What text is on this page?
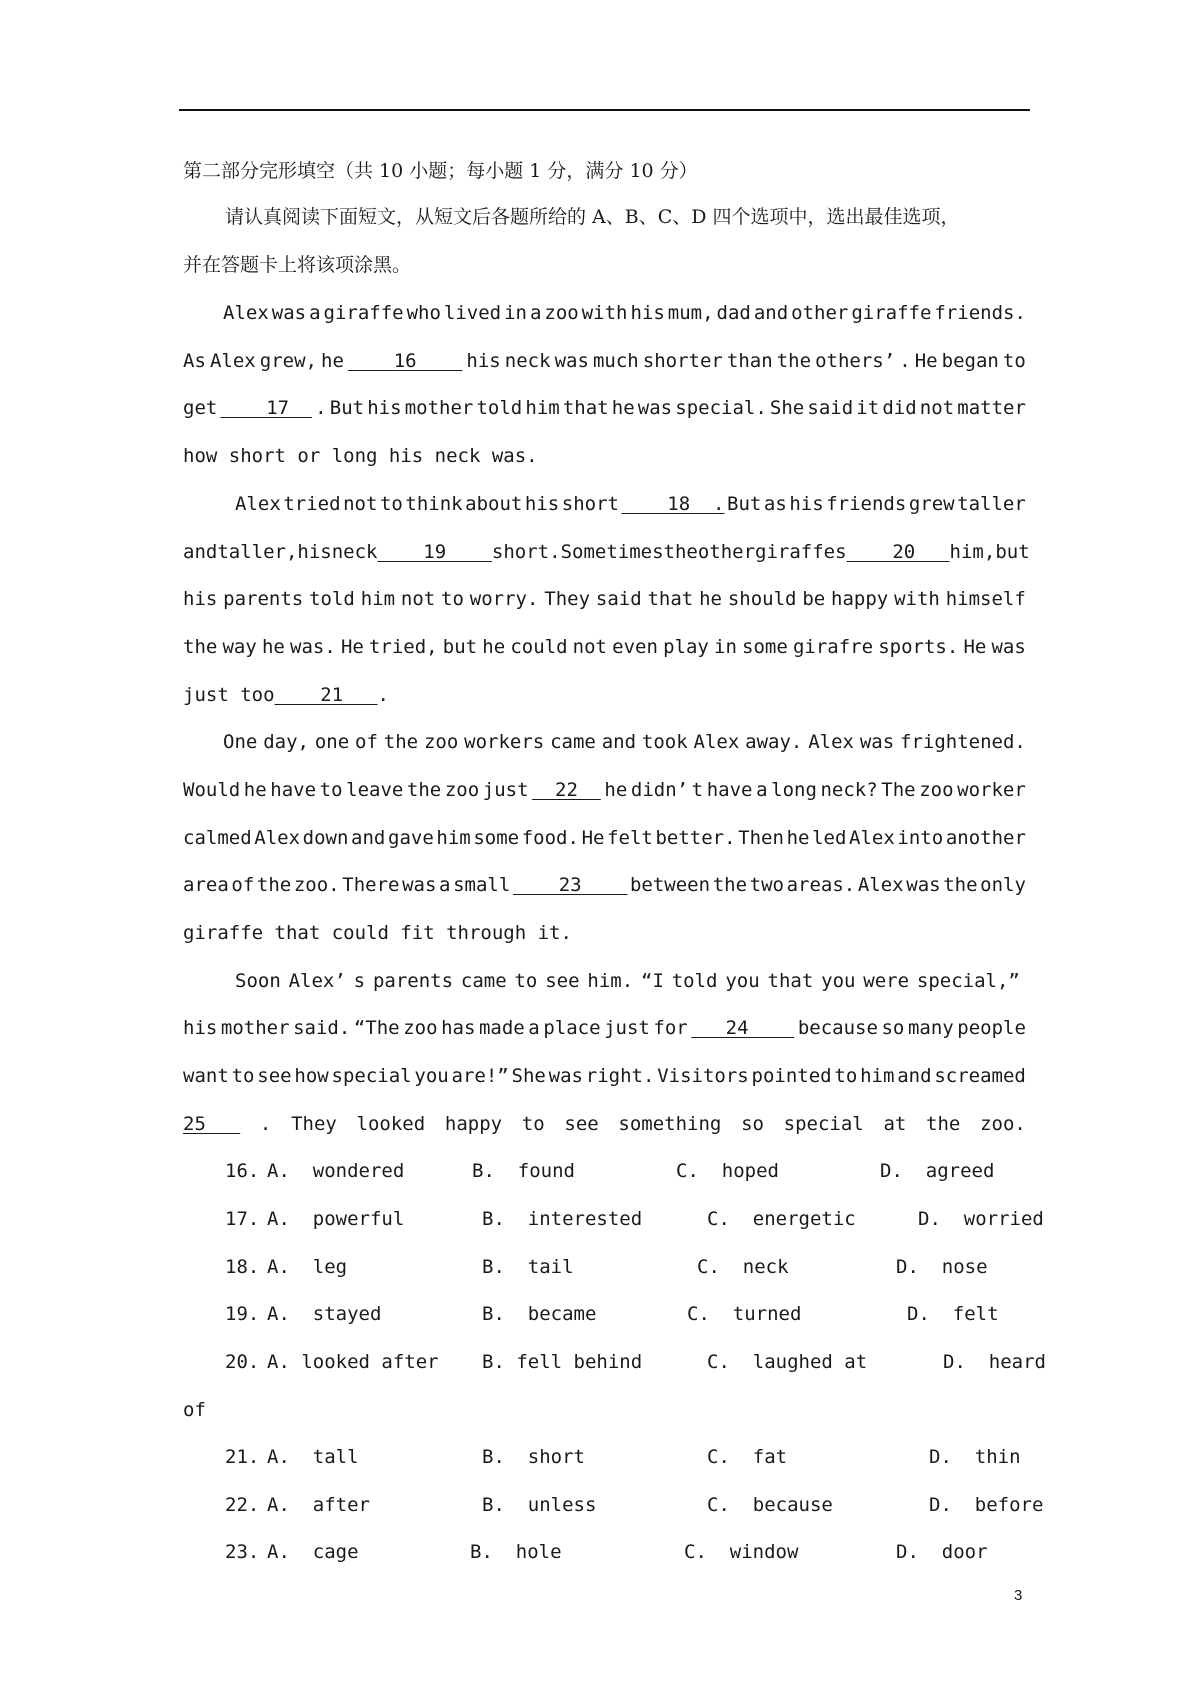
第二部分完形填空（共 10 小题；每小题 1 分，满分 10 分）
请认真阅读下面短文，从短文后各题所给的 A、B、C、D 四个选项中，选出最佳选项，
并在答题卡上将该项涂黑。
Alex was a giraffe who lived in a zoo with his mum, dad and other giraffe friends.
As Alex grew, he	16	his neck was much shorter than the others’ . He began to
get	17	. But his mother told him that he was special. She said it did not matter
how short or long his neck was.
Alex tried not to think about his short	18  . But as his friends grew taller
and taller, his neck	19	short. Sometimes the other giraffes	20	him, but
his parents told him not to worry. They said that he should be happy with himself
the way he was. He tried, but he could not even play in some girafre sports. He was
just too 21 .
One day, one of the zoo workers came and took Alex away. Alex was frightened.
Would he have to leave the zoo just	22	he didn’ t have a long neck? The zoo worker
calmed Alex down and gave him some food. He felt better. Then he led Alex into another
area of the zoo. There was a small	23	between the two areas. Alex was the only
giraffe that could fit through it.
Soon Alex’ s parents came to see him. “I told you that you were special,”
his mother said. “The zoo has made a place just for	24	because so many people
want to see how special you are!” She was right. Visitors pointed to him and screamed
25	. They looked happy to see something so special at the zoo.
16. A.  wondered	B.  found	C.  hoped	D.  agreed
17. A.  powerful	B.  interested	C.  energetic	D.  worried
18. A.  leg	B.  tail	C.  neck	D.  nose
19. A.  stayed	B.  became	C.  turned	D.  felt
20. A. looked after B. fell behind	C.  laughed at	D.  heard
of
21. A.  tall	B.  short	C.  fat	D.  thin
22. A.  after	B.  unless	C.  because	D.  before
23. A.  cage	B.  hole	C.  window	D.  door
3
